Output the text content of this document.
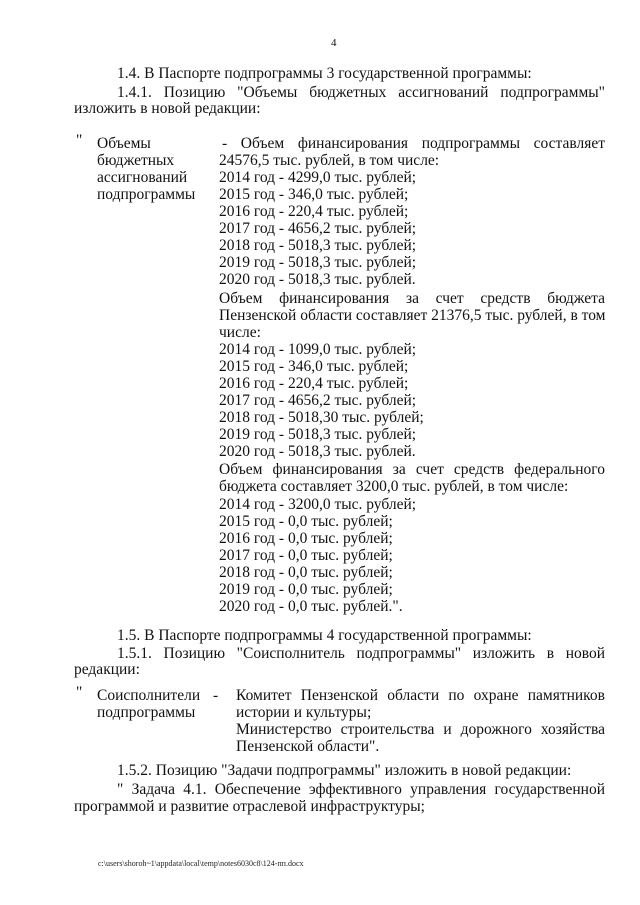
4
1.4. В Паспорте подпрограммы 3 государственной программы:
1.4.1. Позицию "Объемы бюджетных ассигнований подпрограммы"
изложить в новой редакции:
" Объемы
бюджетных
ассигнований
подпрограммы
- Объем финансирования подпрограммы составляет
24576,5 тыс. рублей, в том числе:
2014 год - 4299,0 тыс. рублей;
2015 год - 346,0 тыс. рублей;
2016 год - 220,4 тыс. рублей;
2017 год - 4656,2 тыс. рублей;
2018 год - 5018,3 тыс. рублей;
2019 год - 5018,3 тыс. рублей;
2020 год - 5018,3 тыс. рублей.
Объем финансирования за счет средств бюджета
Пензенской области составляет 21376,5 тыс. рублей, в том
числе:
2014 год - 1099,0 тыс. рублей;
2015 год - 346,0 тыс. рублей;
2016 год - 220,4 тыс. рублей;
2017 год - 4656,2 тыс. рублей;
2018 год - 5018,30 тыс. рублей;
2019 год - 5018,3 тыс. рублей;
2020 год - 5018,3 тыс. рублей.
Объем финансирования за счет средств федерального
бюджета составляет 3200,0 тыс. рублей, в том числе:
2014 год - 3200,0 тыс. рублей;
2015 год - 0,0 тыс. рублей;
2016 год - 0,0 тыс. рублей;
2017 год - 0,0 тыс. рублей;
2018 год - 0,0 тыс. рублей;
2019 год - 0,0 тыс. рублей;
2020 год - 0,0 тыс. рублей.".
1.5. В Паспорте подпрограммы 4 государственной программы:
1.5.1. Позицию "Соисполнитель подпрограммы" изложить в новой
редакции:
" Соисполнители
подпрограммы
- Комитет Пензенской области по охране памятников
истории и культуры;
Министерство строительства и дорожного хозяйства
Пензенской области".
1.5.2. Позицию "Задачи подпрограммы" изложить в новой редакции:
" Задача 4.1. Обеспечение эффективного управления государственной
программой и развитие отраслевой инфраструктуры;
c:\users\shoroh~1\appdata\local\temp\notes6030c8\124-пп.docx
